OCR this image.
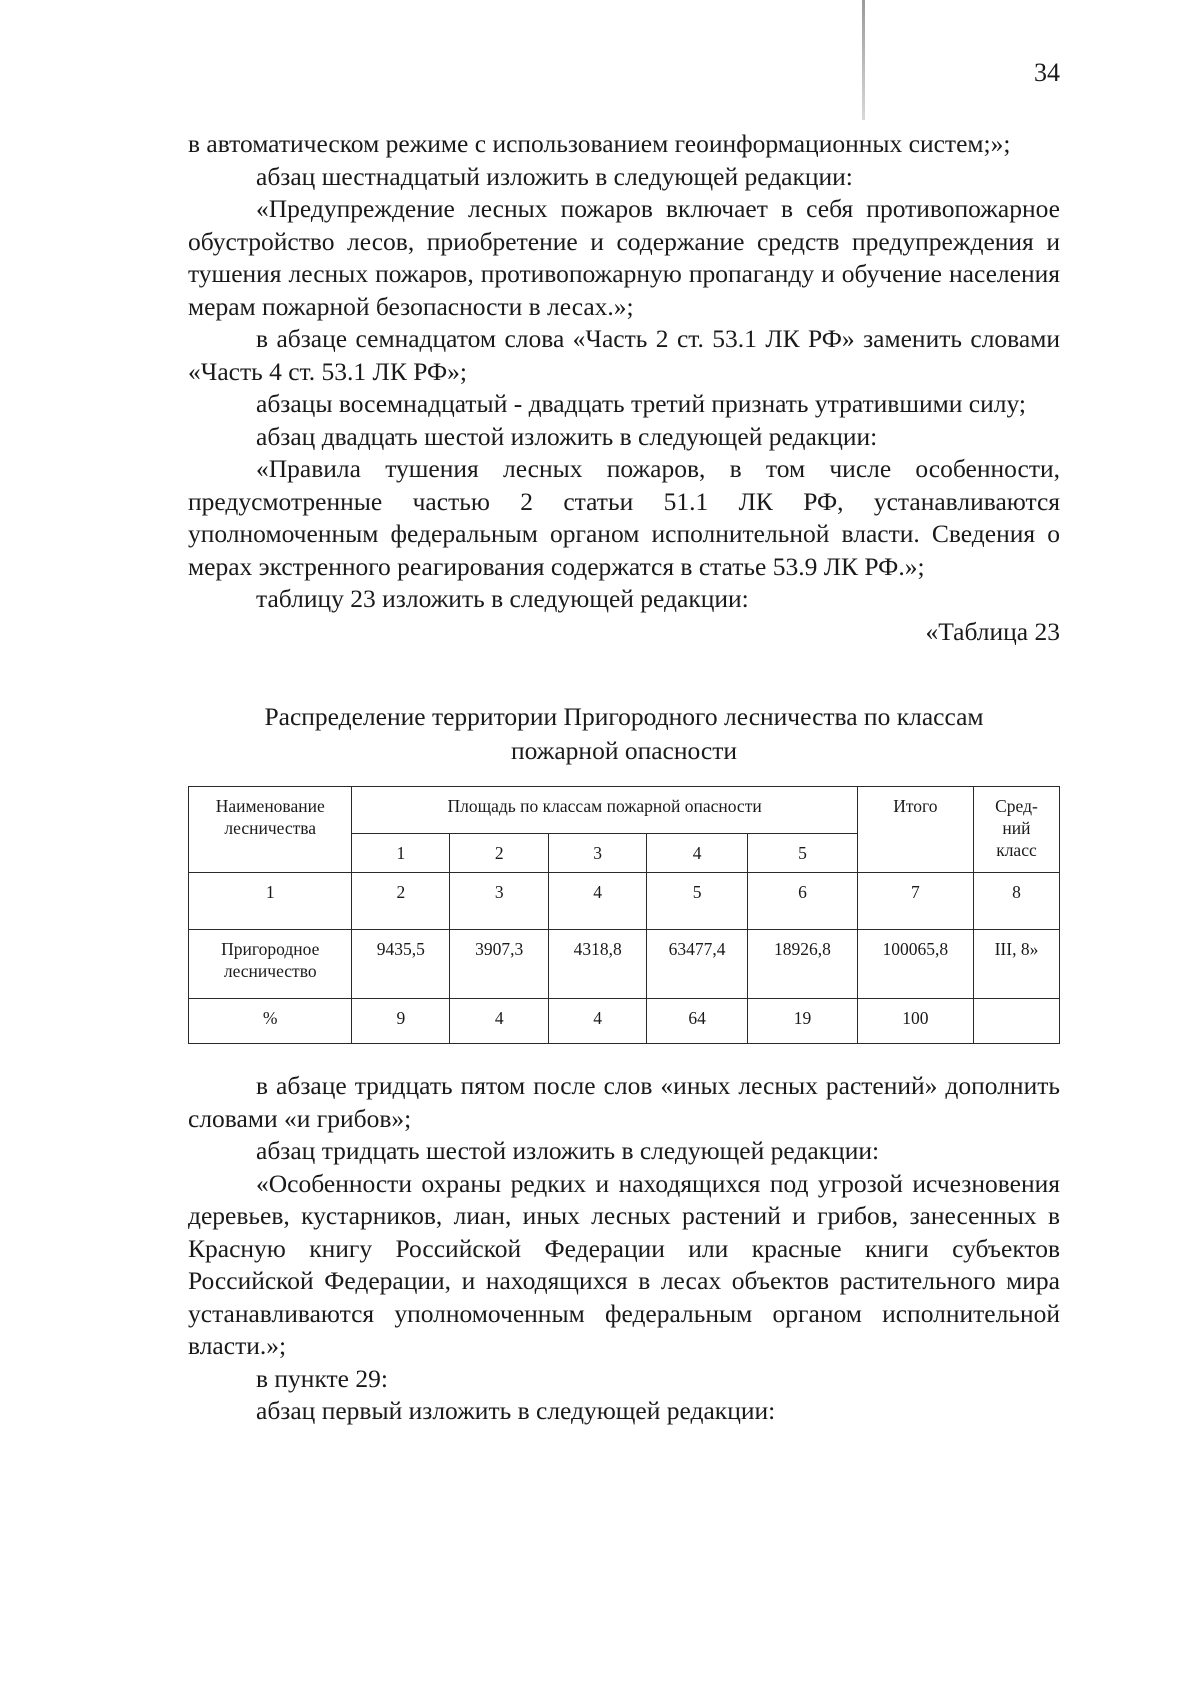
34

в автоматическом режиме с использованием геоинформационных систем;»;

абзац шестнадцатый изложить в следующей редакции:

«Предупреждение лесных пожаров включает в себя противопожарное обустройство лесов, приобретение и содержание средств предупреждения и тушения лесных пожаров, противопожарную пропаганду и обучение населения мерам пожарной безопасности в лесах.»;

в абзаце семнадцатом слова «Часть 2 ст. 53.1 ЛК РФ» заменить словами «Часть 4 ст. 53.1 ЛК РФ»;

абзацы восемнадцатый - двадцать третий признать утратившими силу;

абзац двадцать шестой изложить в следующей редакции:

«Правила тушения лесных пожаров, в том числе особенности, предусмотренные частью 2 статьи 51.1 ЛК РФ, устанавливаются уполномоченным федеральным органом исполнительной власти. Сведения о мерах экстренного реагирования содержатся в статье 53.9 ЛК РФ.»;

таблицу 23 изложить в следующей редакции:

«Таблица 23

Распределение территории Пригородного лесничества по классам пожарной опасности

Наименование лесничества	Площадь по классам пожарной опасности					Итого	Сред-
ний
класс
	1	2	3	4	5		
1	2	3	4	5	6	7	8
Пригородное лесничество	9435,5	3907,3	4318,8	63477,4	18926,8	100065,8	III, 8»
%	9	4	4	64	19	100	

в абзаце тридцать пятом после слов «иных лесных растений» дополнить словами «и грибов»;

абзац тридцать шестой изложить в следующей редакции:

«Особенности охраны редких и находящихся под угрозой исчезновения деревьев, кустарников, лиан, иных лесных растений и грибов, занесенных в Красную книгу Российской Федерации или красные книги субъектов Российской Федерации, и находящихся в лесах объектов растительного мира устанавливаются уполномоченным федеральным органом исполнительной власти.»;

в пункте 29:

абзац первый изложить в следующей редакции:
